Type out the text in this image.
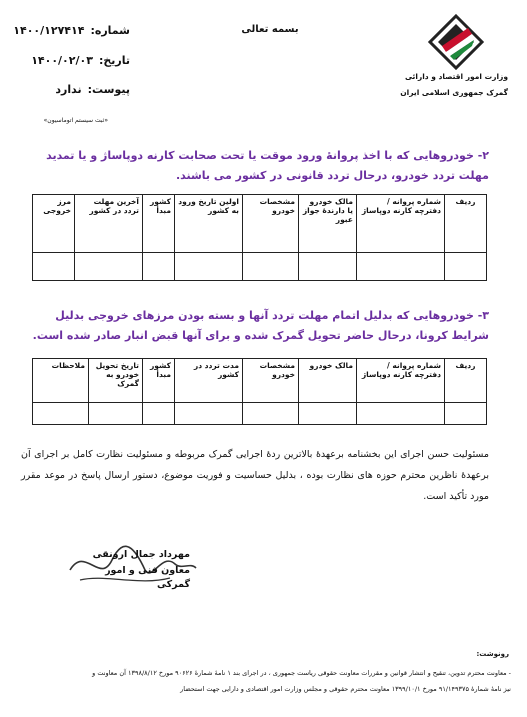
شماره:۱۴۰۰/۱۲۷۴۱۴
تاریخ:۱۴۰۰/۰۲/۰۳
پیوست:ندارد
«ثبت سیستم اتوماسیون»
بسمه تعالی
وزارت امور اقتصاد و دارائی
گمرک جمهوری اسلامی ایران
۲- خودروهایی که با اخذ پروانهٔ ورود موقت یا تحت صحابت کارنه دوپاساژ و یا تمدید مهلت تردد خودرو، درحال تردد قانونی در کشور می باشند.
ردیف	شماره پروانه / دفترچه کارنه دوپاساژ	مالک خودرو یا دارندهٔ جواز عبور	مشخصات خودرو	اولین تاریخ ورود به کشور	کشور مبدأ	آخرین مهلت تردد در کشور	مرز خروجی

۳- خودروهایی که بدلیل اتمام مهلت تردد آنها و بسته بودن مرزهای خروجی بدلیل شرایط کرونا، درحال حاضر تحویل گمرک شده و برای آنها قبض انبار صادر شده است.
ردیف	شماره پروانه / دفترچه کارنه دوپاساژ	مالک خودرو	مشخصات خودرو	مدت تردد در کشور	کشور مبدأ	تاریخ تحویل خودرو به گمرک	ملاحظات

مسئولیت حسن اجرای این بخشنامه برعهدهٔ بالاترین ردهٔ اجرایی گمرک مربوطه و مسئولیت نظارت کامل بر اجرای آن برعهدهٔ ناظرین محترم حوزه های نظارت بوده ، بدلیل حساسیت و فوریت موضوع، دستور ارسال پاسخ در موعد مقرر مورد تأکید است.
مهرداد جمال ارونقی
معاون فنی و امور گمرکی
رونوشت:
- معاونت محترم تدوین، تنقیح و انتشار قوانین و مقررات معاونت حقوقی ریاست جمهوری ، در اجرای بند ۱ نامهٔ شمارهٔ ۹۰۶۲۶ مورخ ۱۳۹۸/۸/۱۲ آن معاونت و
نیز نامهٔ شمارهٔ ۹۱/۱۴۹۳۷۵ مورخ ۱۳۹۹/۱۰/۱ معاونت محترم حقوقی و مجلس وزارت امور اقتصادی و دارایی جهت استحضار
